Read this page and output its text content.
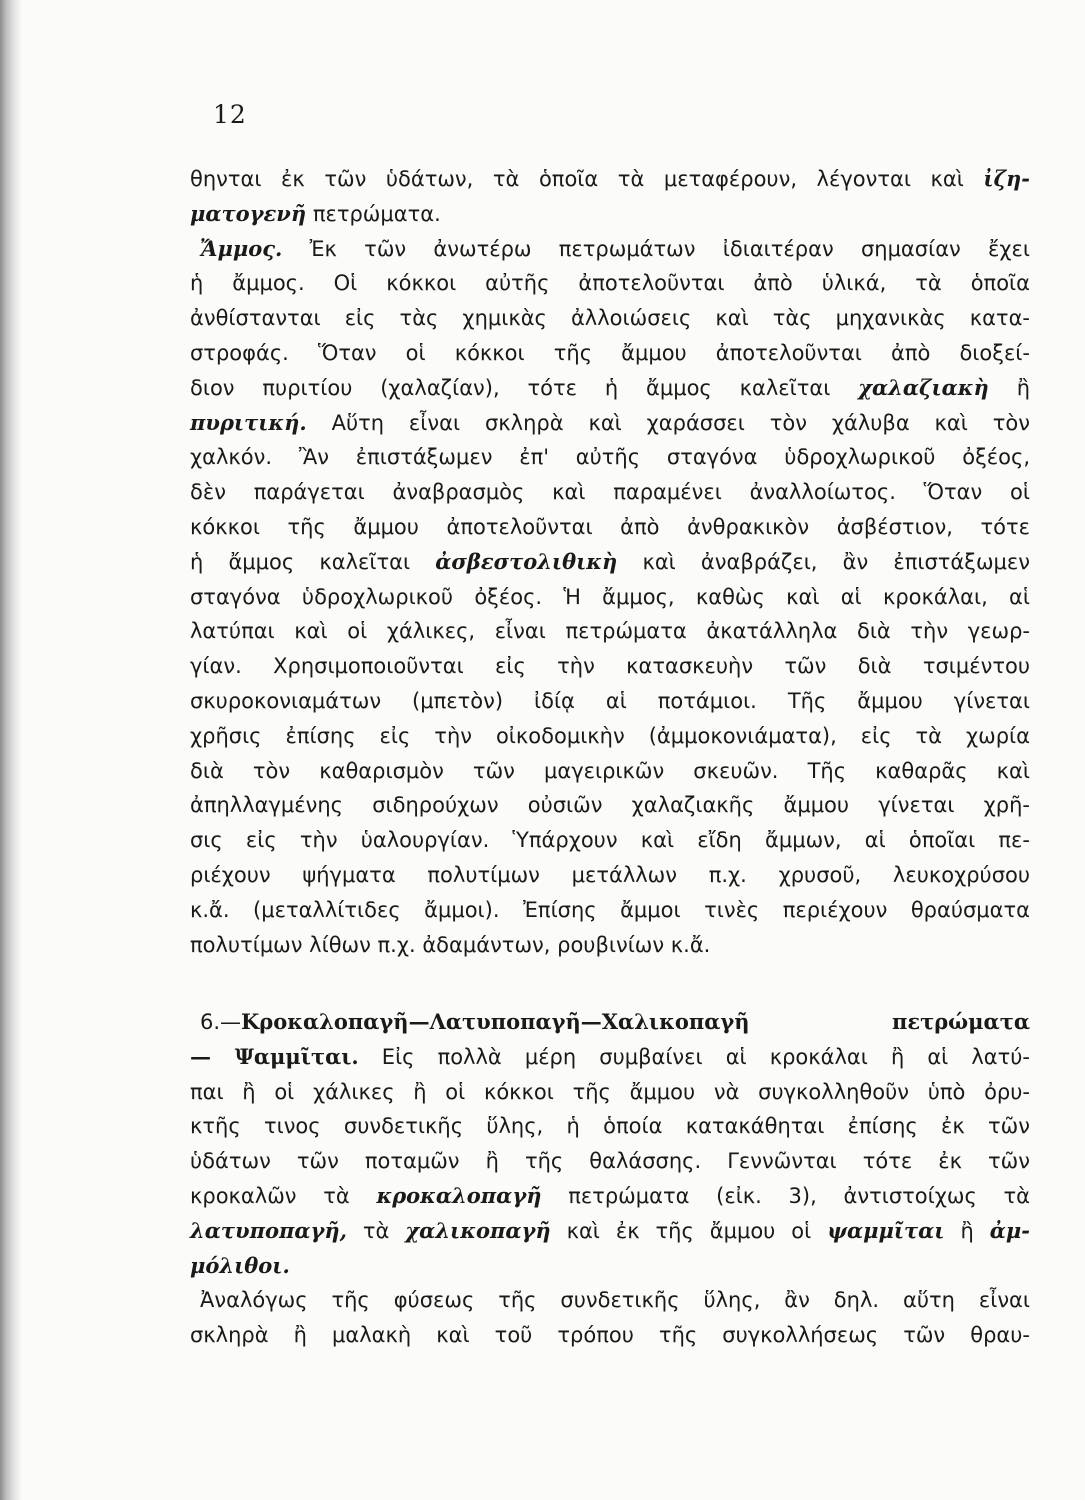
12
θηνται ἐκ τῶν ὑδάτων, τὰ ὁποῖα τὰ μεταφέρουν, λέγονται καὶ ἰζη-
ματογενῆ πετρώματα.
Ἄμμος. Ἐκ τῶν ἀνωτέρω πετρωμάτων ἰδιαιτέραν σημασίαν ἔχει
ἡ ἄμμος. Οἱ κόκκοι αὐτῆς ἀποτελοῦνται ἀπὸ ὑλικά, τὰ ὁποῖα
ἀνθίστανται εἰς τὰς χημικὰς ἀλλοιώσεις καὶ τὰς μηχανικὰς κατα-
στροφάς. Ὅταν οἱ κόκκοι τῆς ἄμμου ἀποτελοῦνται ἀπὸ διοξεί-
διον πυριτίου (χαλαζίαν), τότε ἡ ἄμμος καλεῖται χαλαζιακὴ ἢ
πυριτική. Αὕτη εἶναι σκληρὰ καὶ χαράσσει τὸν χάλυβα καὶ τὸν
χαλκόν. Ἂν ἐπιστάξωμεν ἐπ' αὐτῆς σταγόνα ὑδροχλωρικοῦ ὀξέος,
δὲν παράγεται ἀναβρασμὸς καὶ παραμένει ἀναλλοίωτος. Ὅταν οἱ
κόκκοι τῆς ἄμμου ἀποτελοῦνται ἀπὸ ἀνθρακικὸν ἀσβέστιον, τότε
ἡ ἄμμος καλεῖται ἀσβεστολιθικὴ καὶ ἀναβράζει, ἂν ἐπιστάξωμεν
σταγόνα ὑδροχλωρικοῦ ὀξέος. Ἡ ἄμμος, καθὼς καὶ αἱ κροκάλαι, αἱ
λατύπαι καὶ οἱ χάλικες, εἶναι πετρώματα ἀκατάλληλα διὰ τὴν γεωρ-
γίαν. Χρησιμοποιοῦνται εἰς τὴν κατασκευὴν τῶν διὰ τσιμέντου
σκυροκονιαμάτων (μπετὸν) ἰδίᾳ αἱ ποτάμιοι. Τῆς ἄμμου γίνεται
χρῆσις ἐπίσης εἰς τὴν οἰκοδομικὴν (ἀμμοκονιάματα), εἰς τὰ χωρία
διὰ τὸν καθαρισμὸν τῶν μαγειρικῶν σκευῶν. Τῆς καθαρᾶς καὶ
ἀπηλλαγμένης σιδηρούχων οὐσιῶν χαλαζιακῆς ἄμμου γίνεται χρῆ-
σις εἰς τὴν ὑαλουργίαν. Ὑπάρχουν καὶ εἴδη ἄμμων, αἱ ὁποῖαι πε-
ριέχουν ψήγματα πολυτίμων μετάλλων π.χ. χρυσοῦ, λευκοχρύσου
κ.ἄ. (μεταλλίτιδες ἄμμοι). Ἐπίσης ἄμμοι τινὲς περιέχουν θραύσματα
πολυτίμων λίθων π.χ. ἀδαμάντων, ρουβινίων κ.ἄ.
6.—Κροκαλοπαγῆ—Λατυποπαγῆ—Χαλικοπαγῆ πετρώματα
— Ψαμμῖται. Εἰς πολλὰ μέρη συμβαίνει αἱ κροκάλαι ἢ αἱ λατύ-
παι ἢ οἱ χάλικες ἢ οἱ κόκκοι τῆς ἄμμου νὰ συγκολληθοῦν ὑπὸ ὀρυ-
κτῆς τινος συνδετικῆς ὕλης, ἡ ὁποία κατακάθηται ἐπίσης ἐκ τῶν
ὑδάτων τῶν ποταμῶν ἢ τῆς θαλάσσης. Γεννῶνται τότε ἐκ τῶν
κροκαλῶν τὰ κροκαλοπαγῆ πετρώματα (εἰκ. 3), ἀντιστοίχως τὰ
λατυποπαγῆ, τὰ χαλικοπαγῆ καὶ ἐκ τῆς ἄμμου οἱ ψαμμῖται ἢ ἀμ-
μόλιθοι.
Ἀναλόγως τῆς φύσεως τῆς συνδετικῆς ὕλης, ἂν δηλ. αὕτη εἶναι
σκληρὰ ἢ μαλακὴ καὶ τοῦ τρόπου τῆς συγκολλήσεως τῶν θραυ-
